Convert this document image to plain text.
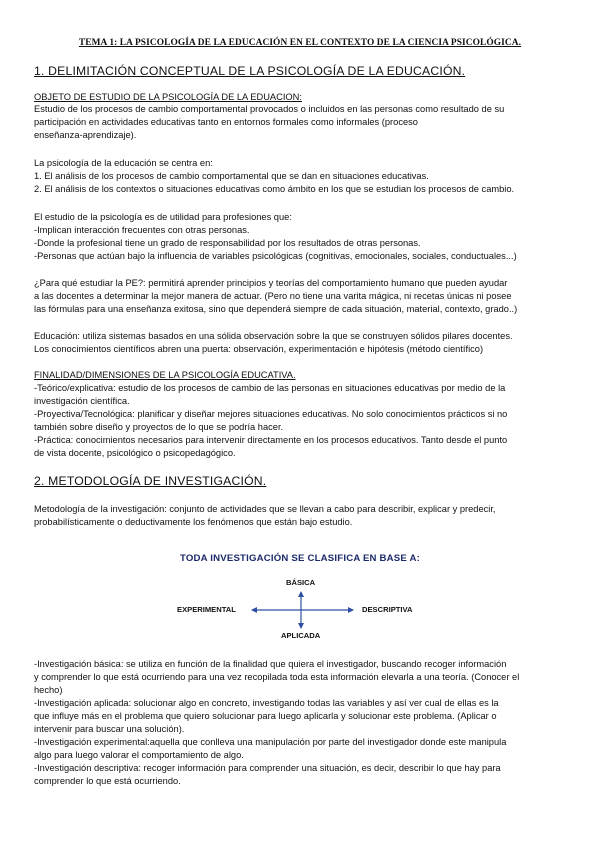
TEMA 1: LA PSICOLOGÍA DE LA EDUCACIÓN EN EL CONTEXTO DE LA CIENCIA PSICOLÓGICA.
1. DELIMITACIÓN CONCEPTUAL DE LA PSICOLOGÍA DE LA EDUCACIÓN.
OBJETO DE ESTUDIO DE LA PSICOLOGÍA DE LA EDUACION:
Estudio de los procesos de cambio comportamental provocados o incluidos en las personas como resultado de su
participación en actividades educativas tanto en entornos formales como informales (proceso
enseñanza-aprendizaje).
La psicología de la educación se centra en:
1. El análisis de los procesos de cambio comportamental que se dan en situaciones educativas.
2. El análisis de los contextos o situaciones educativas como ámbito en los que se estudian los procesos de cambio.
El estudio de la psicología es de utilidad para profesiones que:
-Implican interacción frecuentes con otras personas.
-Donde la profesional tiene un grado de responsabilidad por los resultados de otras personas.
-Personas que actúan bajo la influencia de variables psicológicas (cognitivas, emocionales, sociales, conductuales...)
¿Para qué estudiar la PE?: permitirá aprender principios y teorías del comportamiento humano que pueden ayudar
a las docentes a determinar la mejor manera de actuar. (Pero no tiene una varita mágica, ni recetas únicas ni posee
las fórmulas para una enseñanza exitosa, sino que dependerá siempre de cada situación, material, contexto, grado..)
Educación: utiliza sistemas basados en una sólida observación sobre la que se construyen sólidos pilares docentes.
Los conocimientos científicos abren una puerta: observación, experimentación e hipótesis (método científico)
FINALIDAD/DIMENSIONES DE LA PSICOLOGÍA EDUCATIVA.
-Teórico/explicativa: estudio de los procesos de cambio de las personas en situaciones educativas por medio de la
investigación científica.
-Proyectiva/Tecnológica: planificar y diseñar mejores situaciones educativas. No solo conocimientos prácticos si no
también sobre diseño y proyectos de lo que se podría hacer.
-Práctica: conocimientos necesarios para intervenir directamente en los procesos educativos. Tanto desde el punto
de vista docente, psicológico o psicopedagógico.
2. METODOLOGÍA DE INVESTIGACIÓN.
Metodología de la investigación: conjunto de actividades que se llevan a cabo para describir, explicar y predecir,
probabilísticamente o deductivamente los fenómenos que están bajo estudio.
TODA INVESTIGACIÓN SE CLASIFICA EN BASE A:
BÁSICA
APLICADA
EXPERIMENTAL	DESCRIPTIVA
-Investigación básica: se utiliza en función de la finalidad que quiera el investigador, buscando recoger información
y comprender lo que está ocurriendo para una vez recopilada toda esta información elevarla a una teoría. (Conocer el
hecho)
-Investigación aplicada: solucionar algo en concreto, investigando todas las variables y así ver cual de ellas es la
que influye más en el problema que quiero solucionar para luego aplicarla y solucionar este problema. (Aplicar o
intervenir para buscar una solución).
-Investigación experimental:aquella que conlleva una manipulación por parte del investigador donde este manipula
algo para luego valorar el comportamiento de algo.
-Investigación descriptiva: recoger información para comprender una situación, es decir, describir lo que hay para
comprender lo que está ocurriendo.
